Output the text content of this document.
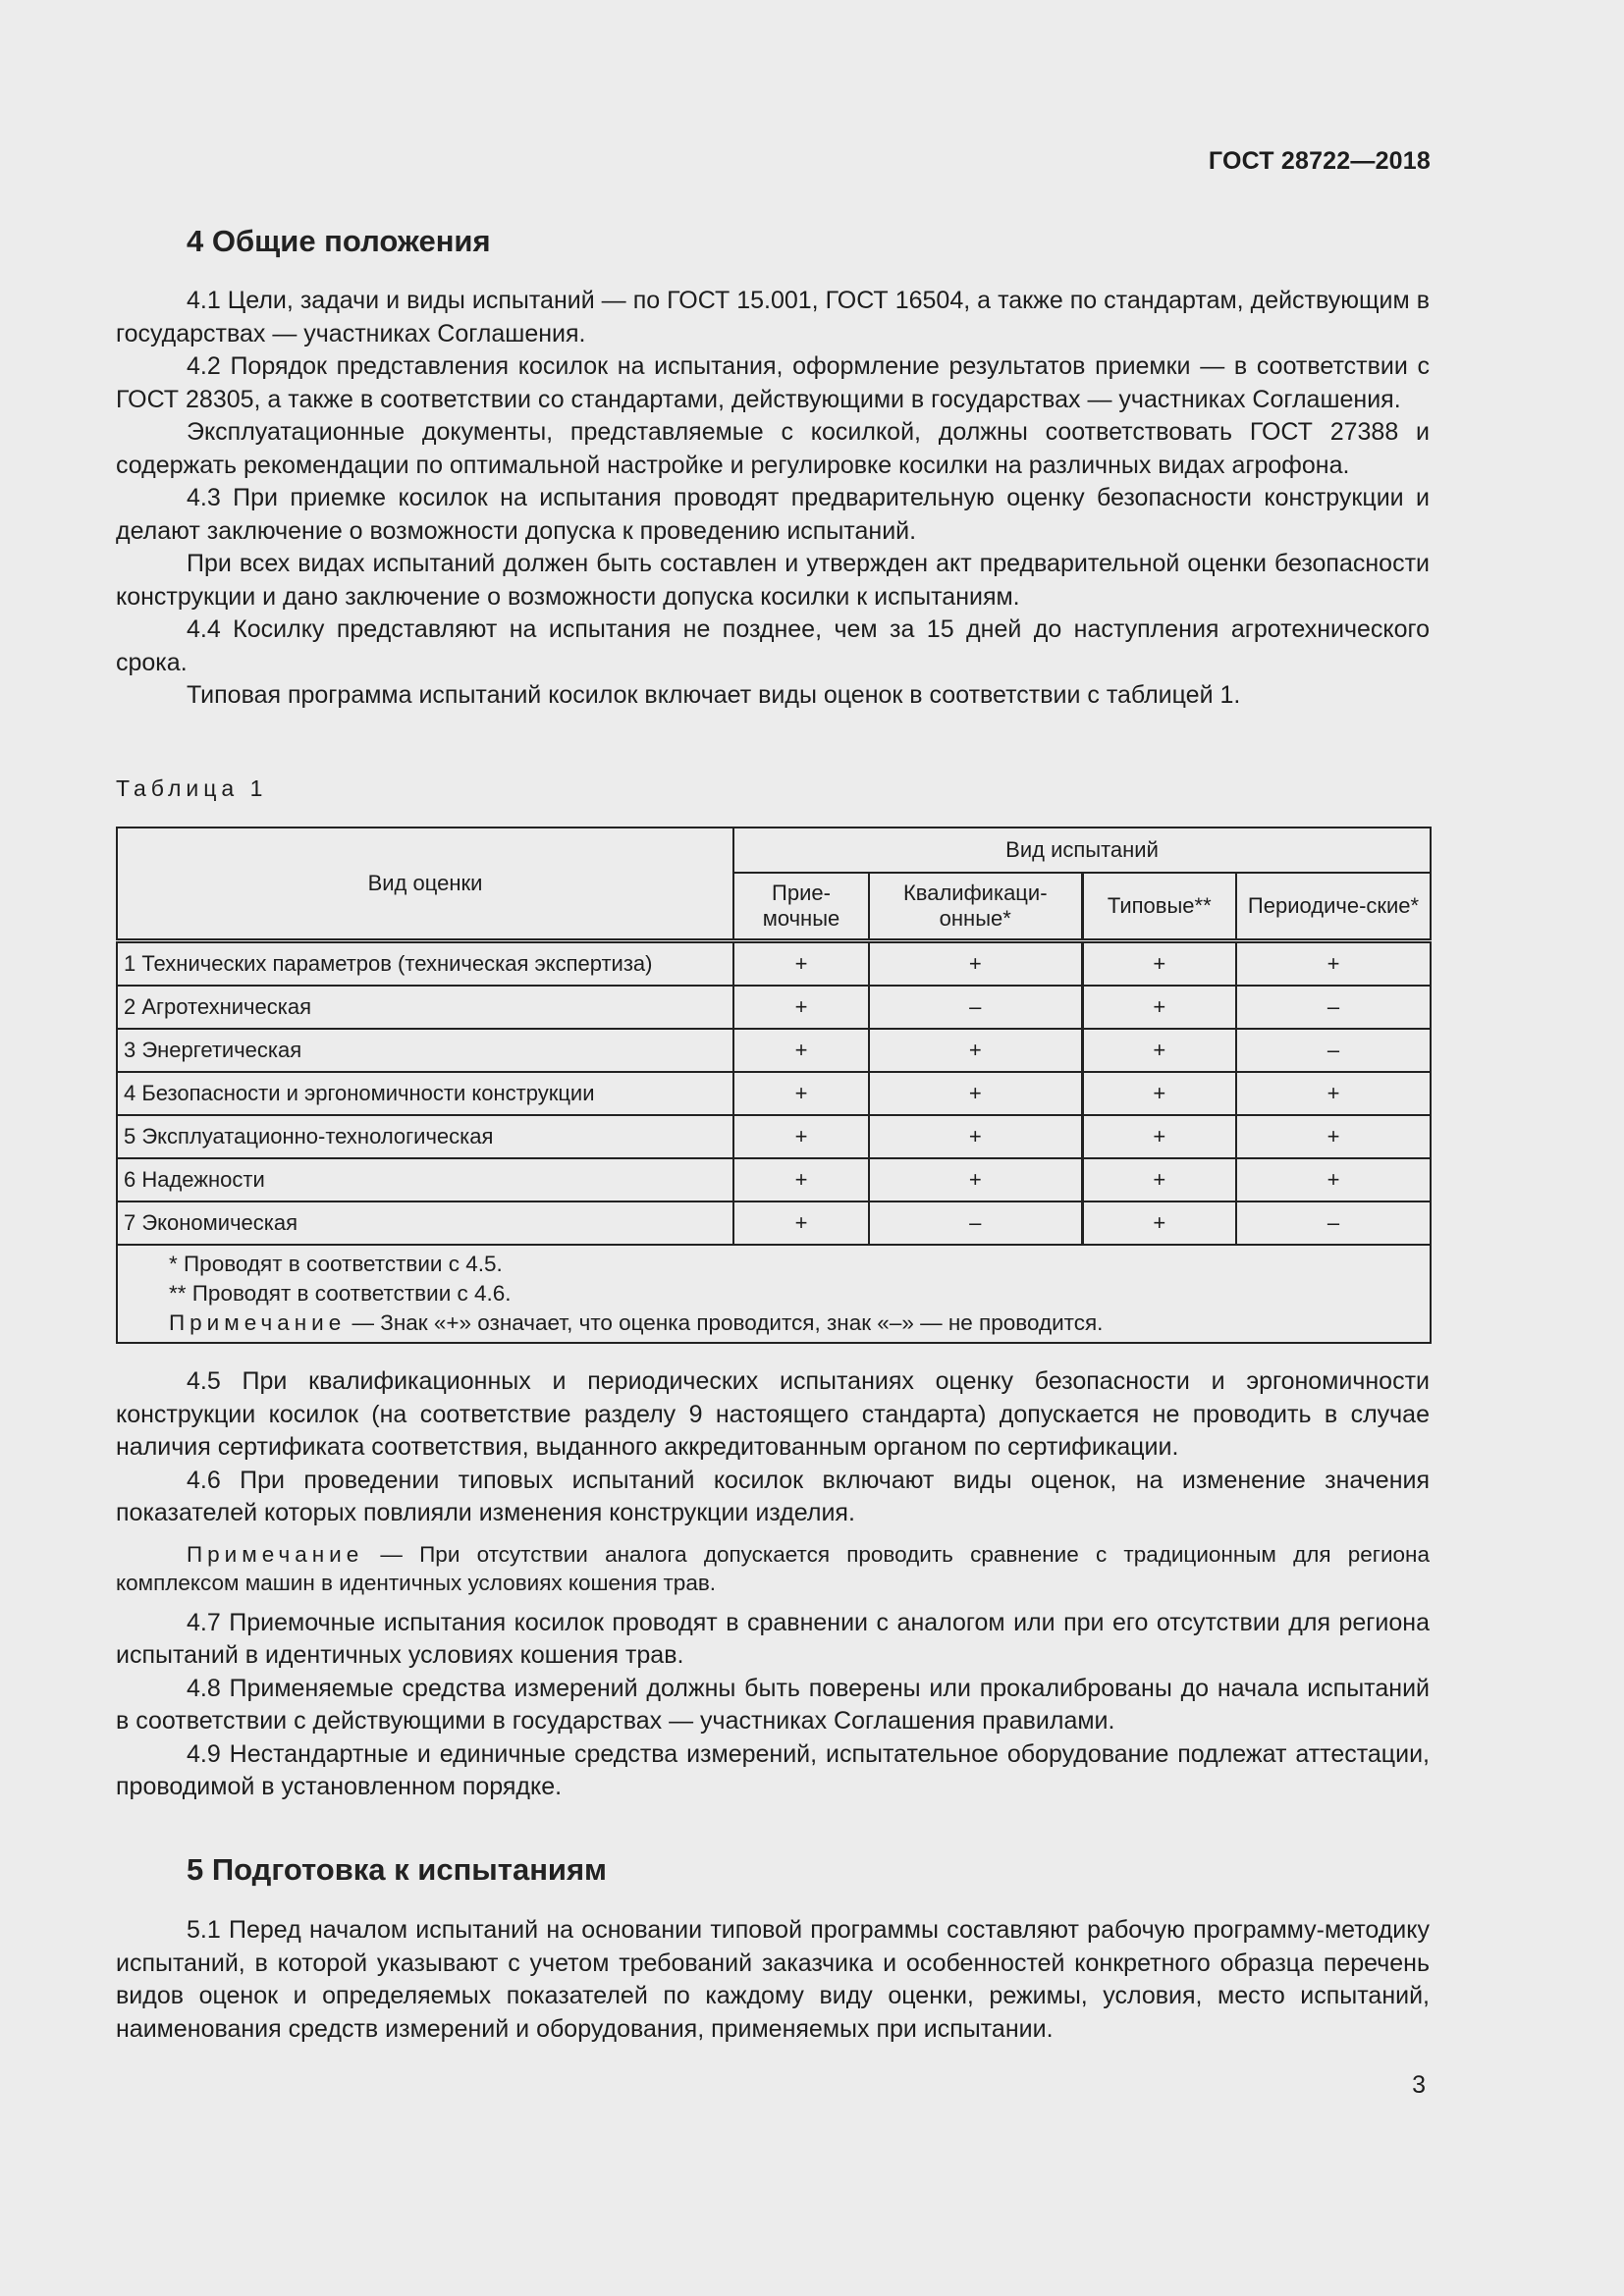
ГОСТ 28722—2018
4 Общие положения

4.1 Цели, задачи и виды испытаний — по ГОСТ 15.001, ГОСТ 16504, а также по стандартам, действующим в государствах — участниках Соглашения.

4.2 Порядок представления косилок на испытания, оформление результатов приемки — в соответствии с ГОСТ 28305, а также в соответствии со стандартами, действующими в государствах — участниках Соглашения.

Эксплуатационные документы, представляемые с косилкой, должны соответствовать ГОСТ 27388 и содержать рекомендации по оптимальной настройке и регулировке косилки на различных видах агрофона.

4.3 При приемке косилок на испытания проводят предварительную оценку безопасности конструкции и делают заключение о возможности допуска к проведению испытаний.

При всех видах испытаний должен быть составлен и утвержден акт предварительной оценки безопасности конструкции и дано заключение о возможности допуска косилки к испытаниям.

4.4 Косилку представляют на испытания не позднее, чем за 15 дней до наступления агротехнического срока.

Типовая программа испытаний косилок включает виды оценок в соответствии с таблицей 1.

Таблица 1
Вид оценки	Вид испытаний			
	Прие-мочные	Квалификаци-онные*	Типовые**	Периодиче-ские*
1 Технических параметров (техническая экспертиза)	+	+	+	+
2 Агротехническая	+	–	+	–
3 Энергетическая	+	+	+	–
4 Безопасности и эргономичности конструкции	+	+	+	+
5 Эксплуатационно-технологическая	+	+	+	+
6 Надежности	+	+	+	+
7 Экономическая	+	–	+	–

* Проводят в соответствии с 4.5.
** Проводят в соответствии с 4.6.
Примечание — Знак «+» означает, что оценка проводится, знак «–» — не проводится.				

4.5 При квалификационных и периодических испытаниях оценку безопасности и эргономичности конструкции косилок (на соответствие разделу 9 настоящего стандарта) допускается не проводить в случае наличия сертификата соответствия, выданного аккредитованным органом по сертификации.

4.6 При проведении типовых испытаний косилок включают виды оценок, на изменение значения показателей которых повлияли изменения конструкции изделия.

Примечание — При отсутствии аналога допускается проводить сравнение с традиционным для региона комплексом машин в идентичных условиях кошения трав.

4.7 Приемочные испытания косилок проводят в сравнении с аналогом или при его отсутствии для региона испытаний в идентичных условиях кошения трав.

4.8 Применяемые средства измерений должны быть поверены или прокалиброваны до начала испытаний в соответствии с действующими в государствах — участниках Соглашения правилами.

4.9 Нестандартные и единичные средства измерений, испытательное оборудование подлежат аттестации, проводимой в установленном порядке.

5 Подготовка к испытаниям

5.1 Перед началом испытаний на основании типовой программы составляют рабочую программу-методику испытаний, в которой указывают с учетом требований заказчика и особенностей конкретного образца перечень видов оценок и определяемых показателей по каждому виду оценки, режимы, условия, место испытаний, наименования средств измерений и оборудования, применяемых при испытании.

3
